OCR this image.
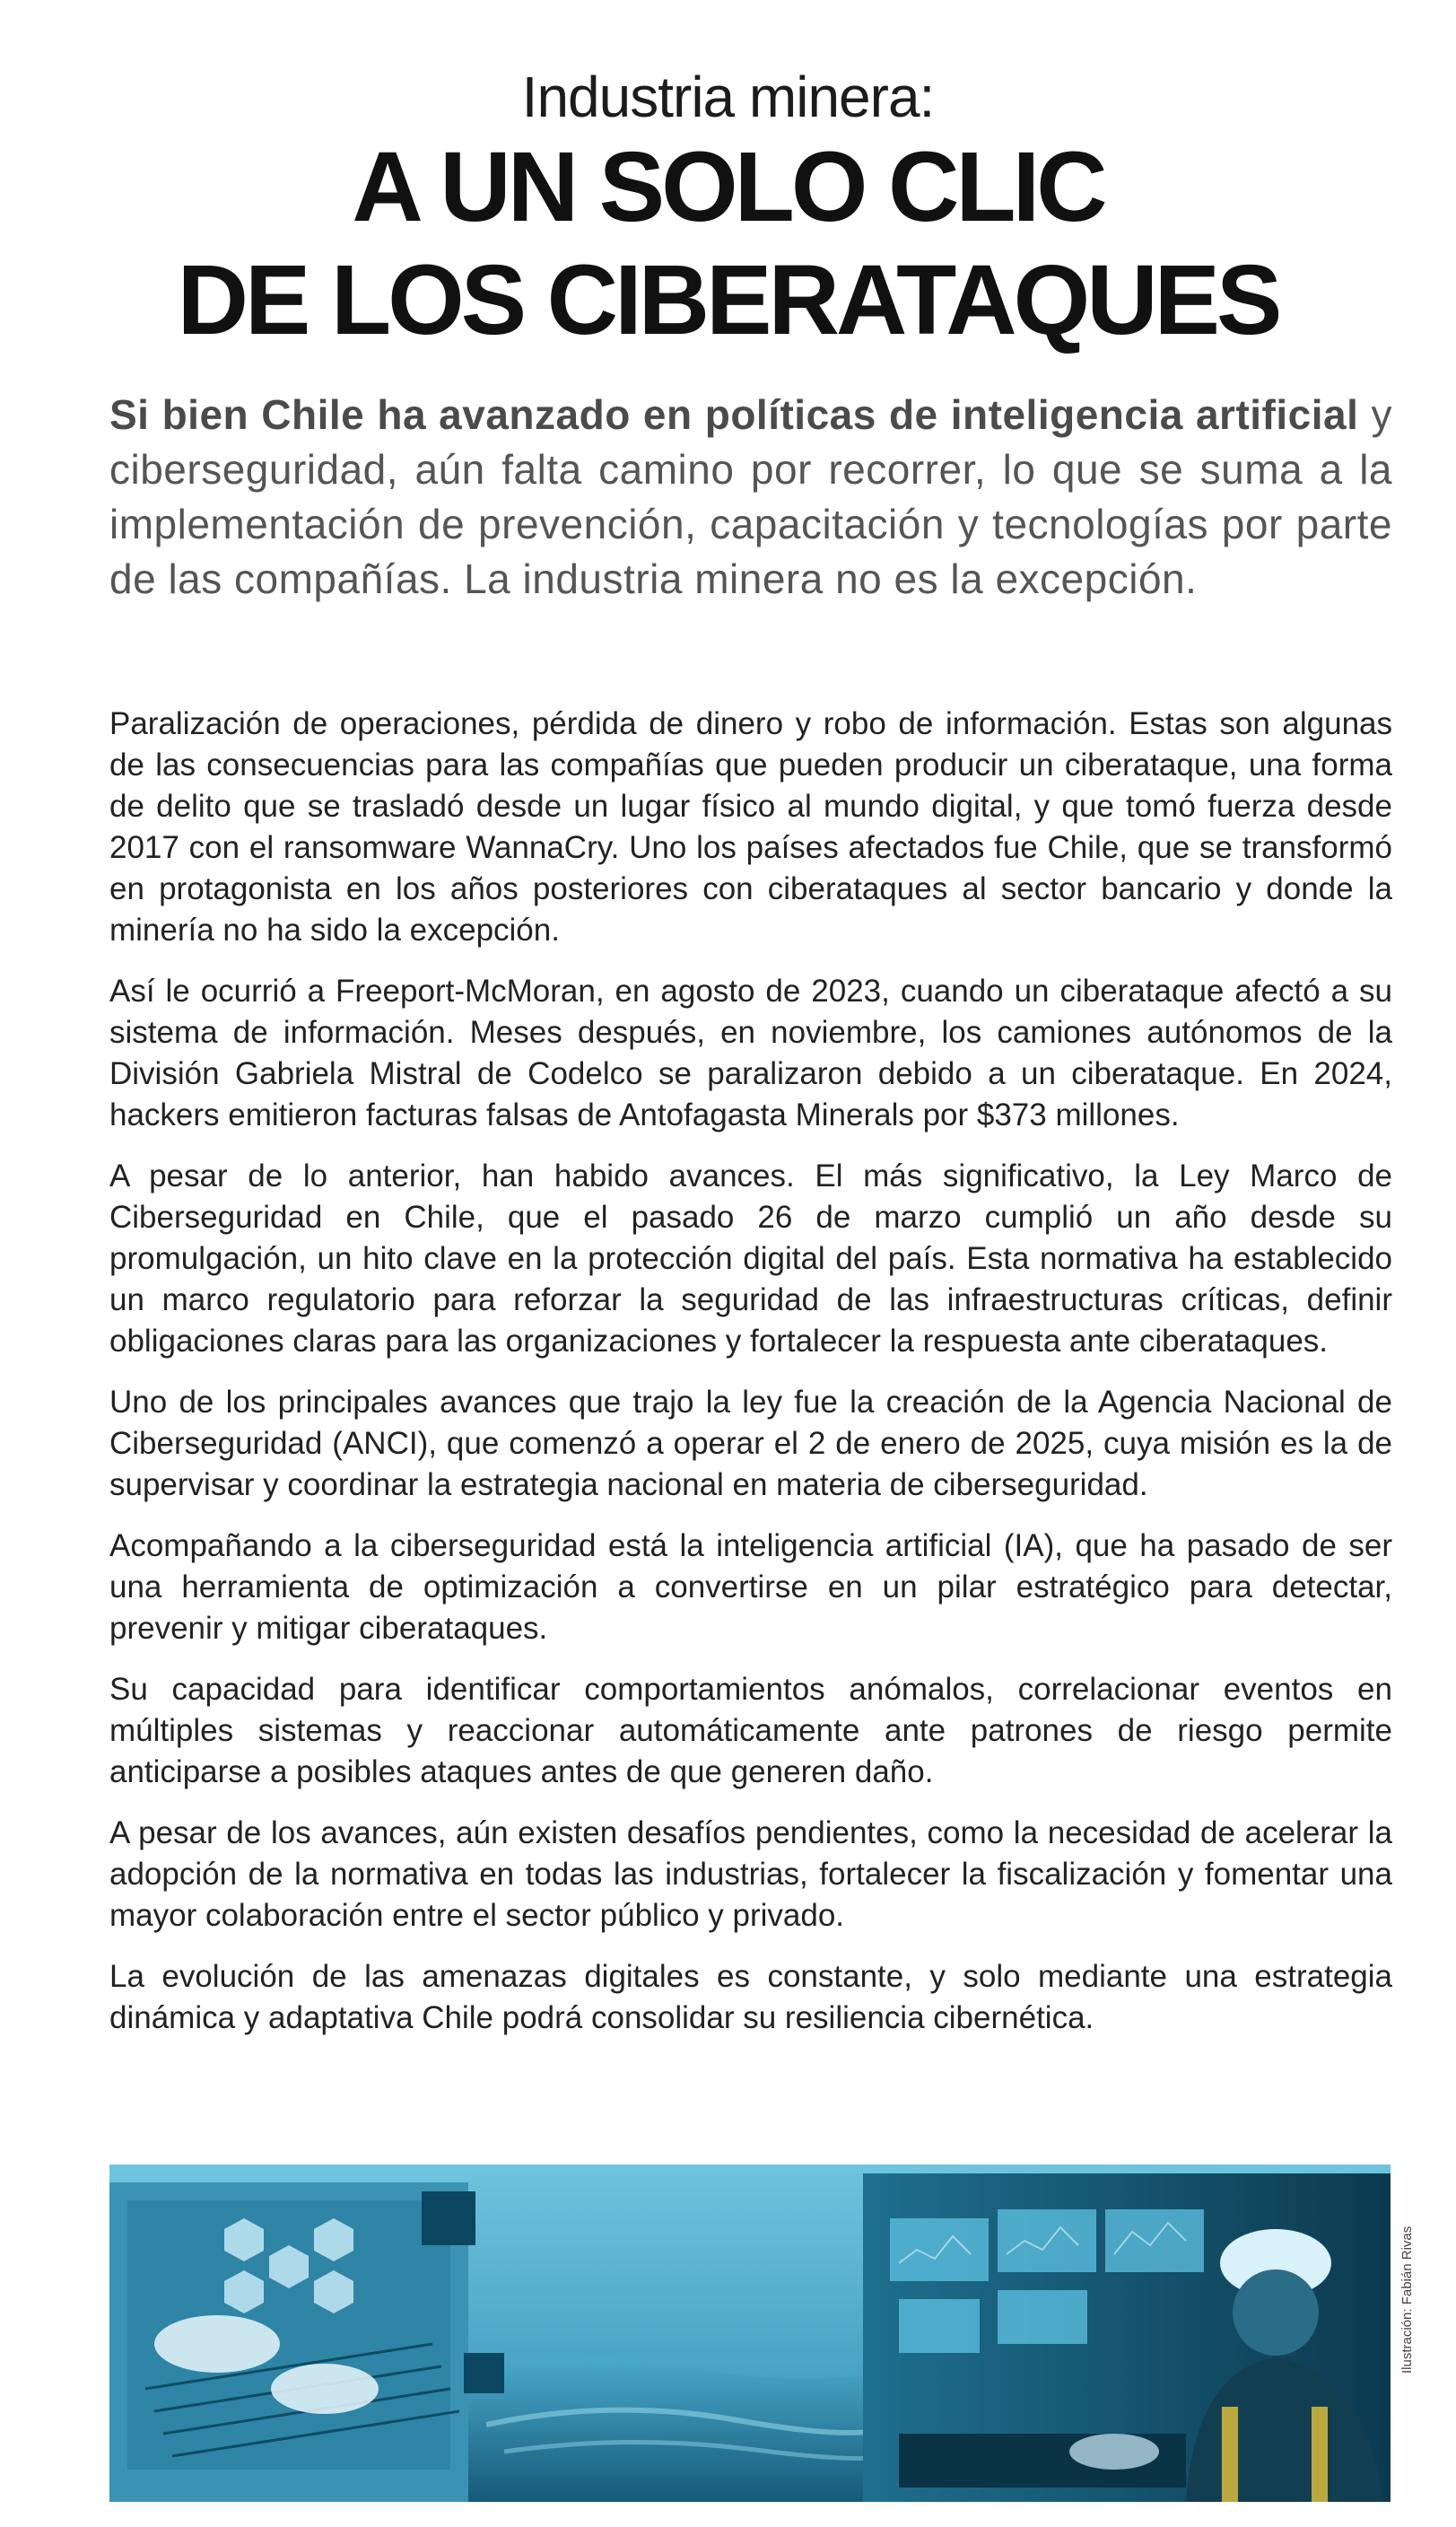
Industria minera:
A UN SOLO CLIC
DE LOS CIBERATAQUES
Si bien Chile ha avanzado en políticas de inteligencia artificial y ciberseguridad, aún falta camino por recorrer, lo que se suma a la implementación de prevención, capacitación y tecnologías por parte de las compañías. La industria minera no es la excepción.

Paralización de operaciones, pérdida de dinero y robo de información. Estas son algunas de las consecuencias para las compañías que pueden producir un ciberataque, una forma de delito que se trasladó desde un lugar físico al mundo digital, y que tomó fuerza desde 2017 con el ransomware WannaCry. Uno los países afectados fue Chile, que se transformó en protagonista en los años posteriores con ciberataques al sector bancario y donde la minería no ha sido la excepción.

Así le ocurrió a Freeport-McMoran, en agosto de 2023, cuando un ciberataque afectó a su sistema de información. Meses después, en noviembre, los camiones autónomos de la División Gabriela Mistral de Codelco se paralizaron debido a un ciberataque. En 2024, hackers emitieron facturas falsas de Antofagasta Minerals por $373 millones.

A pesar de lo anterior, han habido avances. El más significativo, la Ley Marco de Ciberseguridad en Chile, que el pasado 26 de marzo cumplió un año desde su promulgación, un hito clave en la protección digital del país. Esta normativa ha establecido un marco regulatorio para reforzar la seguridad de las infraestructuras críticas, definir obligaciones claras para las organizaciones y fortalecer la respuesta ante ciberataques.

Uno de los principales avances que trajo la ley fue la creación de la Agencia Nacional de Ciberseguridad (ANCI), que comenzó a operar el 2 de enero de 2025, cuya misión es la de supervisar y coordinar la estrategia nacional en materia de ciberseguridad.

Acompañando a la ciberseguridad está la inteligencia artificial (IA), que ha pasado de ser una herramienta de optimización a convertirse en un pilar estratégico para detectar, prevenir y mitigar ciberataques.

Su capacidad para identificar comportamientos anómalos, correlacionar eventos en múltiples sistemas y reaccionar automáticamente ante patrones de riesgo permite anticiparse a posibles ataques antes de que generen daño.

A pesar de los avances, aún existen desafíos pendientes, como la necesidad de acelerar la adopción de la normativa en todas las industrias, fortalecer la fiscalización y fomentar una mayor colaboración entre el sector público y privado.

La evolución de las amenazas digitales es constante, y solo mediante una estrategia dinámica y adaptativa Chile podrá consolidar su resiliencia cibernética.

Ilustración: Fabián Rivas
